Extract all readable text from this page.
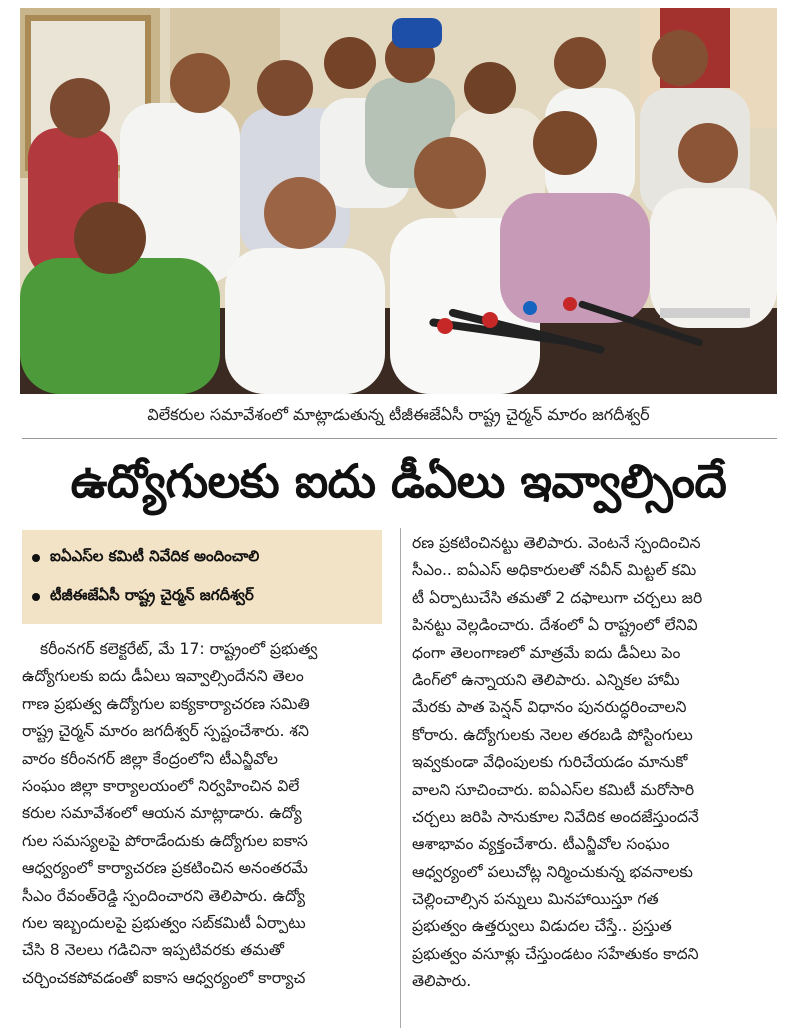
విలేకరుల సమావేశంలో మాట్లాడుతున్న టీజీఈజేఏసీ రాష్ట్ర చైర్మన్ మారం జగదీశ్వర్
ఉద్యోగులకు ఐదు డీఏలు ఇవ్వాల్సిందే
ఐఏఎస్‌ల కమిటీ నివేదిక అందించాలి
టీజీఈజేఏసీ రాష్ట్ర చైర్మన్ జగదీశ్వర్
కరీంనగర్ కలెక్టరేట్, మే 17: రాష్ట్రంలో ప్రభుత్వ
ఉద్యోగులకు ఐదు డీఏలు ఇవ్వాల్సిందేనని తెలం
గాణ ప్రభుత్వ ఉద్యోగుల ఐక్యకార్యాచరణ సమితి
రాష్ట్ర చైర్మన్ మారం జగదీశ్వర్ స్పష్టంచేశారు. శని
వారం కరీంనగర్ జిల్లా కేంద్రంలోని టీఎన్జీవోల
సంఘం జిల్లా కార్యాలయంలో నిర్వహించిన విలే
కరుల సమావేశంలో ఆయన మాట్లాడారు. ఉద్యో
గుల సమస్యలపై పోరాడేందుకు ఉద్యోగుల ఐకాస
ఆధ్వర్యంలో కార్యాచరణ ప్రకటించిన అనంతరమే
సీఎం రేవంత్‌రెడ్డి స్పందించారని తెలిపారు. ఉద్యో
గుల ఇబ్బందులపై ప్రభుత్వం సబ్‌కమిటీ ఏర్పాటు
చేసి 8 నెలలు గడిచినా ఇప్పటివరకు తమతో
చర్చించకపోవడంతో ఐకాస ఆధ్వర్యంలో కార్యాచ
రణ ప్రకటించినట్టు తెలిపారు. వెంటనే స్పందించిన
సీఎం.. ఐఏఎస్ అధికారులతో నవీన్ మిట్టల్ కమి
టీ ఏర్పాటుచేసి తమతో 2 దఫాలుగా చర్చలు జరి
పినట్టు వెల్లడించారు. దేశంలో ఏ రాష్ట్రంలో లేనివి
ధంగా తెలంగాణలో మాత్రమే ఐదు డీఏలు పెం
డింగ్‌లో ఉన్నాయని తెలిపారు. ఎన్నికల హామీ
మేరకు పాత పెన్షన్ విధానం పునరుద్ధరించాలని
కోరారు. ఉద్యోగులకు నెలల తరబడి పోస్టింగులు
ఇవ్వకుండా వేధింపులకు గురిచేయడం మానుకో
వాలని సూచించారు. ఐఏఎస్‌ల కమిటీ మరోసారి
చర్చలు జరిపి సానుకూల నివేదిక అందజేస్తుందనే
ఆశాభావం వ్యక్తంచేశారు. టీఎన్జీవోల సంఘం
ఆధ్వర్యంలో పలుచోట్ల నిర్మించుకున్న భవనాలకు
చెల్లించాల్సిన పన్నులు మినహాయిస్తూ గత
ప్రభుత్వం ఉత్తర్వులు విడుదల చేస్తే.. ప్రస్తుత
ప్రభుత్వం వసూళ్లు చేస్తుండటం సహేతుకం కాదని
తెలిపారు.
